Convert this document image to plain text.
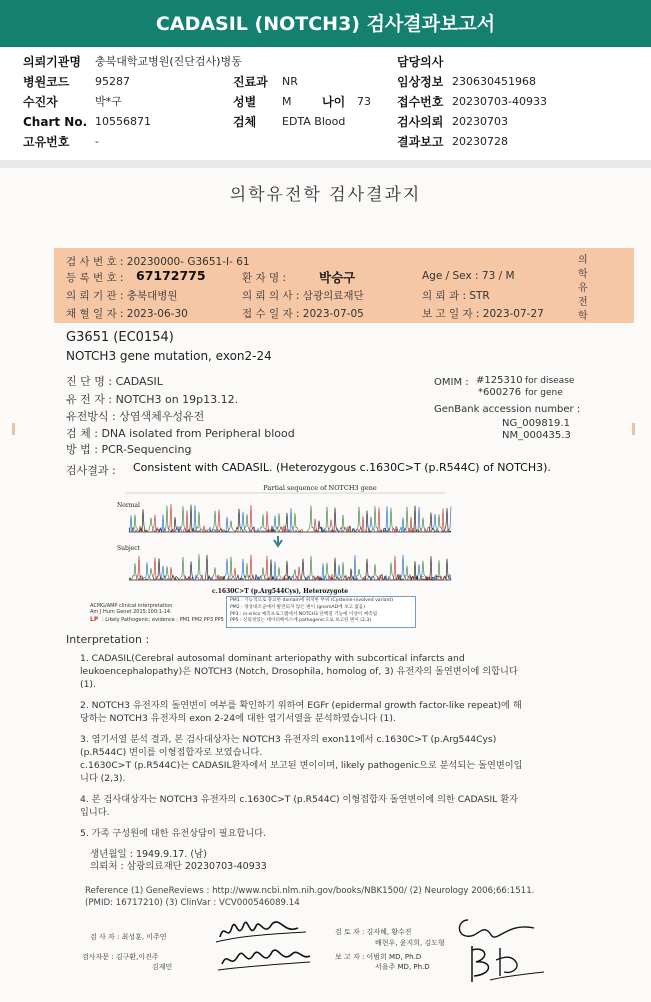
CADASIL (NOTCH3) 검사결과보고서
의뢰기관명 충북대학교병원(진단검사)병동	담당의사
병원코드 95287	진료과 NR	임상정보 230630451968
수진자	박*구	성별 M	나이 73 접수번호 20230703-40933
Chart No. 10556871	검체 EDTA Blood	검사의뢰 20230703
고유번호 -	결과보고 20230728
의학유전학 검사결과지
검 사 번 호 : 20230000- G3651-I- 61
등 록 번 호 : 67172775	환 자 명 :	박승구	Age / Sex : 73 / M
의 뢰 기 관 : 충북대병원	의 뢰 의 사 : 삼광의료재단	의 뢰 과 : STR
채 혈 일 자 : 2023-06-30	접 수 일 자 : 2023-07-05	보 고 일 자 : 2023-07-27
의학유전학
G3651 (EC0154)
NOTCH3 gene mutation, exon2-24
진 단 명 : CADASIL
유 전 자 : NOTCH3 on 19p13.12.
유전방식 : 상염색체우성유전
검 체 : DNA isolated from Peripheral blood
방 법 : PCR-Sequencing
OMIM : #125310 for disease
*600276 for gene
GenBank accession number :
NG_009819.1
NM_000435.3
검사결과 : Consistent with CADASIL. (Heterozygous c.1630C>T (p.R544C) of NOTCH3).
Partial sequence of NOTCH3 gene
Normal
Subject
c.1630C>T (p.Arg544Cys), Heterozygote
Y = C and T
ACMG/AMP clinical interpretation
Am J Hum Genet 2015;100:1-14.
LP : Likely Pathogenic; evidence : PM1 PM2 PP3 PP5
PM1 : 기능적으로 중요한 domain에 위치한 부위 (Cysteine-involved variant)
PM2 : 정상대조군에서 발견되지 않은 변이 (gnomAD에 보고 없음)
PP3 : in-silico 예측프로그램에서 NOTCH3 단백질 기능에 이상이 예측됨
PP5 : 신뢰성있는 데이터베이스에 pathogenic으로 보고된 변이 (2,3)
Interpretation :

1. CADASIL(Cerebral autosomal dominant arteriopathy with subcortical infarcts and

leukoencephalopathy)은 NOTCH3 (Notch, Drosophila, homolog of, 3) 유전자의 돌연변이에 의합니다

(1).

2. NOTCH3 유전자의 돌연변이 여부를 확인하기 위하여 EGFr (epidermal growth factor-like repeat)에 해

당하는 NOTCH3 유전자의 exon 2-24에 대한 염기서열을 분석하였습니다 (1).

3. 염기서열 분석 결과, 본 검사대상자는 NOTCH3 유전자의 exon11에서 c.1630C>T (p.Arg544Cys)

(p.R544C) 변이를 이형접합자로 보였습니다.

c.1630C>T (p.R544C)는 CADASIL환자에서 보고된 변이이며, likely pathogenic으로 분석되는 돌연변이입

니다 (2,3).

4. 본 검사대상자는 NOTCH3 유전자의 c.1630C>T (p.R544C) 이형접합자 돌연변이에 의한 CADASIL 환자

입니다.

5. 가족 구성원에 대한 유전상담이 필요합니다.

생년월일 : 1949.9.17. (남)
의뢰처 : 삼광의료재단 20230703-40933
Reference (1) GeneReviews : http://www.ncbi.nlm.nih.gov/books/NBK1500/ (2) Neurology 2006;66:1511.
(PMID: 16717210) (3) ClinVar : VCV000546089.14
검 사 자 : 최성훈, 이주연
검사자문 : 김구환,이진주
김재민
검 토 자 : 김자혜, 황수진
배현우, 윤지희, 김도형
보 고 자 : 이범희 MD, Ph.D
서을주 MD, Ph.D
